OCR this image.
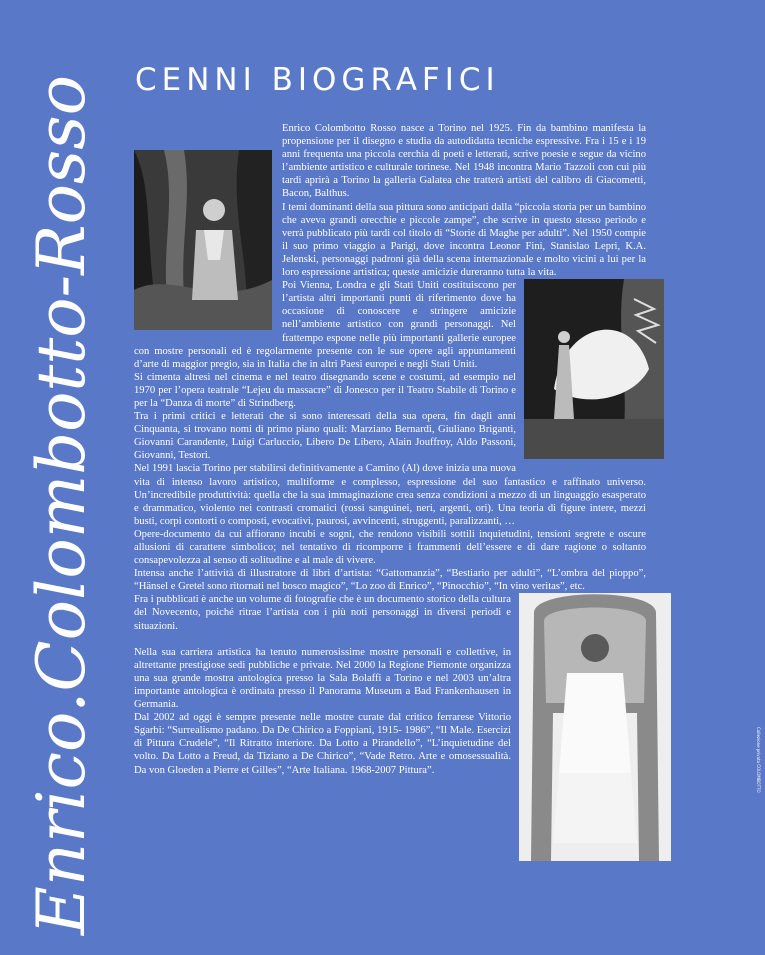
Enrico.Colombotto-Rosso
CENNI BIOGRAFICI

Enrico Colombotto Rosso nasce a Torino nel 1925. Fin da bambino manifesta la propensione per il disegno e studia da autodidatta tecniche espressive. Fra i 15 e i 19 anni frequenta una piccola cerchia di poeti e letterati, scrive poesie e segue da vicino l’ambiente artistico e culturale torinese. Nel 1948 incontra Mario Tazzoli con cui più tardi aprirà a Torino la galleria Galatea che tratterà artisti del calibro di Giacometti, Bacon, Balthus.

I temi dominanti della sua pittura sono anticipati dalla “piccola storia per un bambino che aveva grandi orecchie e piccole zampe”, che scrive in questo stesso periodo e verrà pubblicato più tardi col titolo di “Storie di Maghe per adulti”. Nel 1950 compie il suo primo viaggio a Parigi, dove incontra Leonor Fini, Stanislao Lepri, K.A. Jelenski, personaggi padroni già della scena internazionale e molto vicini a lui per la loro espressione artistica; queste amicizie dureranno tutta la vita.

Poi Vienna, Londra e gli Stati Uniti costituiscono per l’artista altri importanti punti di riferimento dove ha occasione di conoscere e stringere amicizie nell’ambiente artistico con grandi personaggi. Nel frattempo espone nelle più importanti gallerie europee con mostre personali ed è regolarmente presente con le sue opere agli appuntamenti d’arte di maggior pregio, sia in Italia che in altri Paesi europei e negli Stati Uniti.

Si cimenta altresì nel cinema e nel teatro disegnando scene e costumi, ad esempio nel 1970 per l’opera teatrale “Lejeu du massacre” di Jonesco per il Teatro Stabile di Torino e per la “Danza di morte” di Strindberg.

Tra i primi critici e letterati che si sono interessati della sua opera, fin dagli anni Cinquanta, si trovano nomi di primo piano quali: Marziano Bernardi, Giuliano Briganti, Giovanni Carandente, Luigi Carluccio, Libero De Libero, Alain Jouffroy, Aldo Passoni, Giovanni, Testori.

Nel 1991 lascia Torino per stabilirsi definitivamente a Camino (Al) dove inizia una nuova vita di intenso lavoro artistico, multiforme e complesso, espressione del suo fantastico e raffinato universo. Un’incredibile produttività: quella che la sua immaginazione crea senza condizioni a mezzo di un linguaggio esasperato e drammatico, violento nei contrasti cromatici (rossi sanguinei, neri, argenti, ori). Una teoria di figure intere, mezzi busti, corpi contorti o composti, evocativi, paurosi, avvincenti, struggenti, paralizzanti, …

Opere-documento da cui affiorano incubi e sogni, che rendono visibili sottili inquietudini, tensioni segrete e oscure allusioni di carattere simbolico; nel tentativo di ricomporre i frammenti dell’essere e di dare ragione o soltanto consapevolezza al senso di solitudine e al male di vivere.

Intensa anche l’attività di illustratore di libri d’artista: “Gattomanzia”, “Bestiario per adulti”, “L’ombra del pioppo”, “Hänsel e Gretel sono ritornati nel bosco magico”, “Lo zoo di Enrico”, “Pinocchio”, “In vino veritas”, etc.

Fra i pubblicati è anche un volume di fotografie che è un documento storico della cultura del Novecento, poiché ritrae l’artista con i più noti personaggi in diversi periodi e situazioni.

Nella sua carriera artistica ha tenuto numerosissime mostre personali e collettive, in altrettante prestigiose sedi pubbliche e private. Nel 2000 la Regione Piemonte organizza una sua grande mostra antologica presso la Sala Bolaffi a Torino e nel 2003 un’altra importante antologica è ordinata presso il Panorama Museum a Bad Frankenhausen in Germania.

Dal 2002 ad oggi è sempre presente nelle mostre curate dal critico ferrarese Vittorio Sgarbi: “Surrealismo padano. Da De Chirico a Foppiani, 1915- 1986”, “Il Male. Esercizi di Pittura Crudele”, “Il Ritratto interiore. Da Lotto a Pirandello”, “L’inquietudine del volto. Da Lotto a Freud, da Tiziano a De Chirico”, “Vade Retro. Arte e omosessualità. Da von Gloeden a Pierre et Gilles”, “Arte Italiana. 1968-2007 Pittura”.	Collezione privata COLOMBOTTO
